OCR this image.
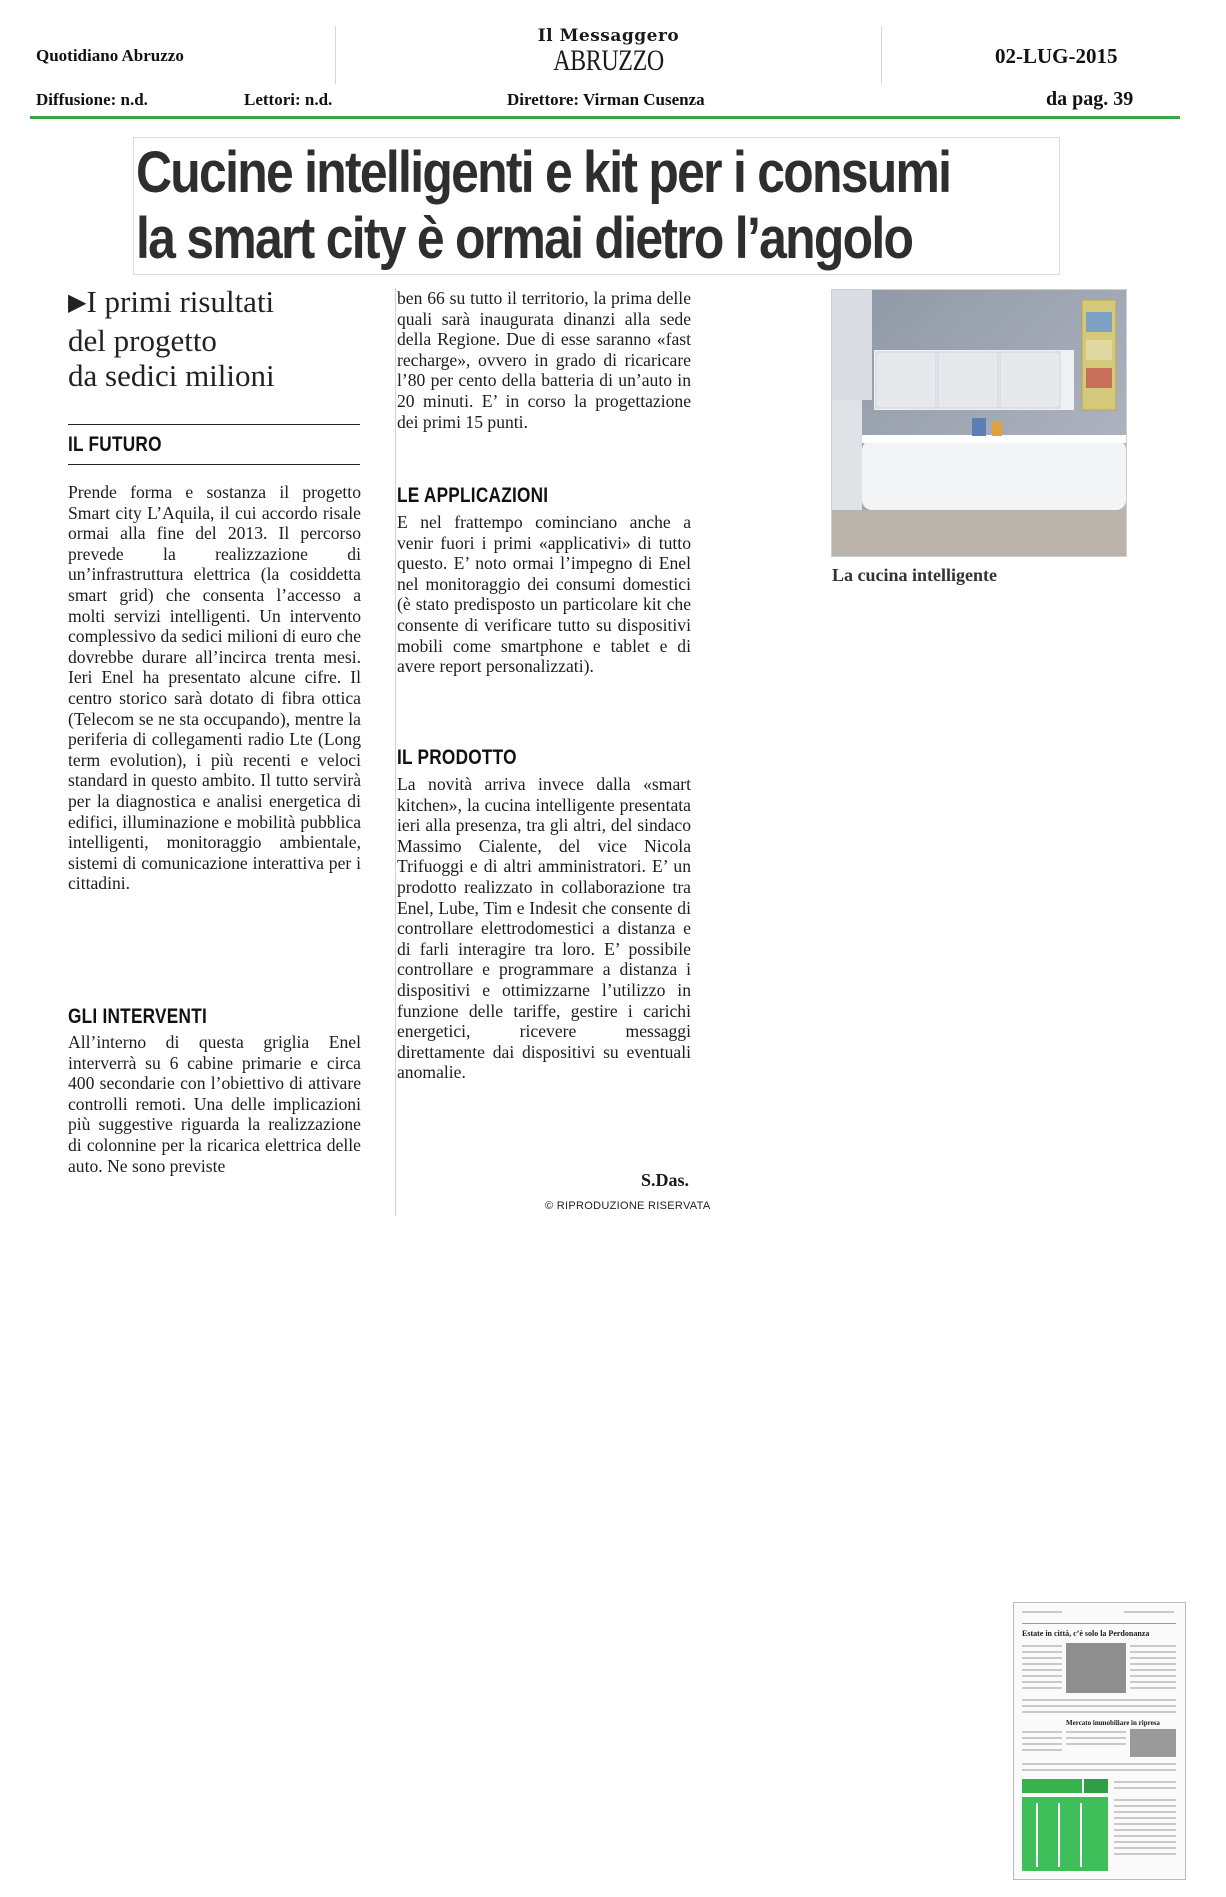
Quotidiano Abruzzo
Il Messaggero
ABRUZZO	02-LUG-2015
Diffusione: n.d.	Lettori: n.d.	Direttore: Virman Cusenza	da pag. 39
Cucine intelligenti e kit per i consumi
la smart city è ormai dietro l’angolo
▶I primi risultati
del progetto
da sedici milioni
IL FUTURO

Prende forma e sostanza il progetto Smart city L’Aquila, il cui accordo risale ormai alla fine del 2013. Il percorso prevede la realizzazione di un’infrastruttura elettrica (la cosiddetta smart grid) che consenta l’accesso a molti servizi intelligenti. Un intervento complessivo da sedici milioni di euro che dovrebbe durare all’incirca trenta mesi. Ieri Enel ha presentato alcune cifre. Il centro storico sarà dotato di fibra ottica (Telecom se ne sta occupando), mentre la periferia di collegamenti radio Lte (Long term evolution), i più recenti e veloci standard in questo ambito. Il tutto servirà per la diagnostica e analisi energetica di edifici, illuminazione e mobilità pubblica intelligenti, monitoraggio ambientale, sistemi di comunicazione interattiva per i cittadini.

GLI INTERVENTI

All’interno di questa griglia Enel interverrà su 6 cabine primarie e circa 400 secondarie con l’obiettivo di attivare controlli remoti. Una delle implicazioni più suggestive riguarda la realizzazione di colonnine per la ricarica elettrica delle auto. Ne sono previste

ben 66 su tutto il territorio, la prima delle quali sarà inaugurata dinanzi alla sede della Regione. Due di esse saranno «fast recharge», ovvero in grado di ricaricare l’80 per cento della batteria di un’auto in 20 minuti. E’ in corso la progettazione dei primi 15 punti.

LE APPLICAZIONI

E nel frattempo cominciano anche a venir fuori i primi «applicativi» di tutto questo. E’ noto ormai l’impegno di Enel nel monitoraggio dei consumi domestici (è stato predisposto un particolare kit che consente di verificare tutto su dispositivi mobili come smartphone e tablet e di avere report personalizzati).

IL PRODOTTO

La novità arriva invece dalla «smart kitchen», la cucina intelligente presentata ieri alla presenza, tra gli altri, del sindaco Massimo Cialente, del vice Nicola Trifuoggi e di altri amministratori. E’ un prodotto realizzato in collaborazione tra Enel, Lube, Tim e Indesit che consente di controllare elettrodomestici a distanza e di farli interagire tra loro. E’ possibile controllare e programmare a distanza i dispositivi e ottimizzarne l’utilizzo in funzione delle tariffe, gestire i carichi energetici, ricevere messaggi direttamente dai dispositivi su eventuali anomalie.

S.Das.
© RIPRODUZIONE RISERVATA
La cucina intelligente
Estate in città, c’è solo la Perdonanza
Mercato immobiliare in ripresa
